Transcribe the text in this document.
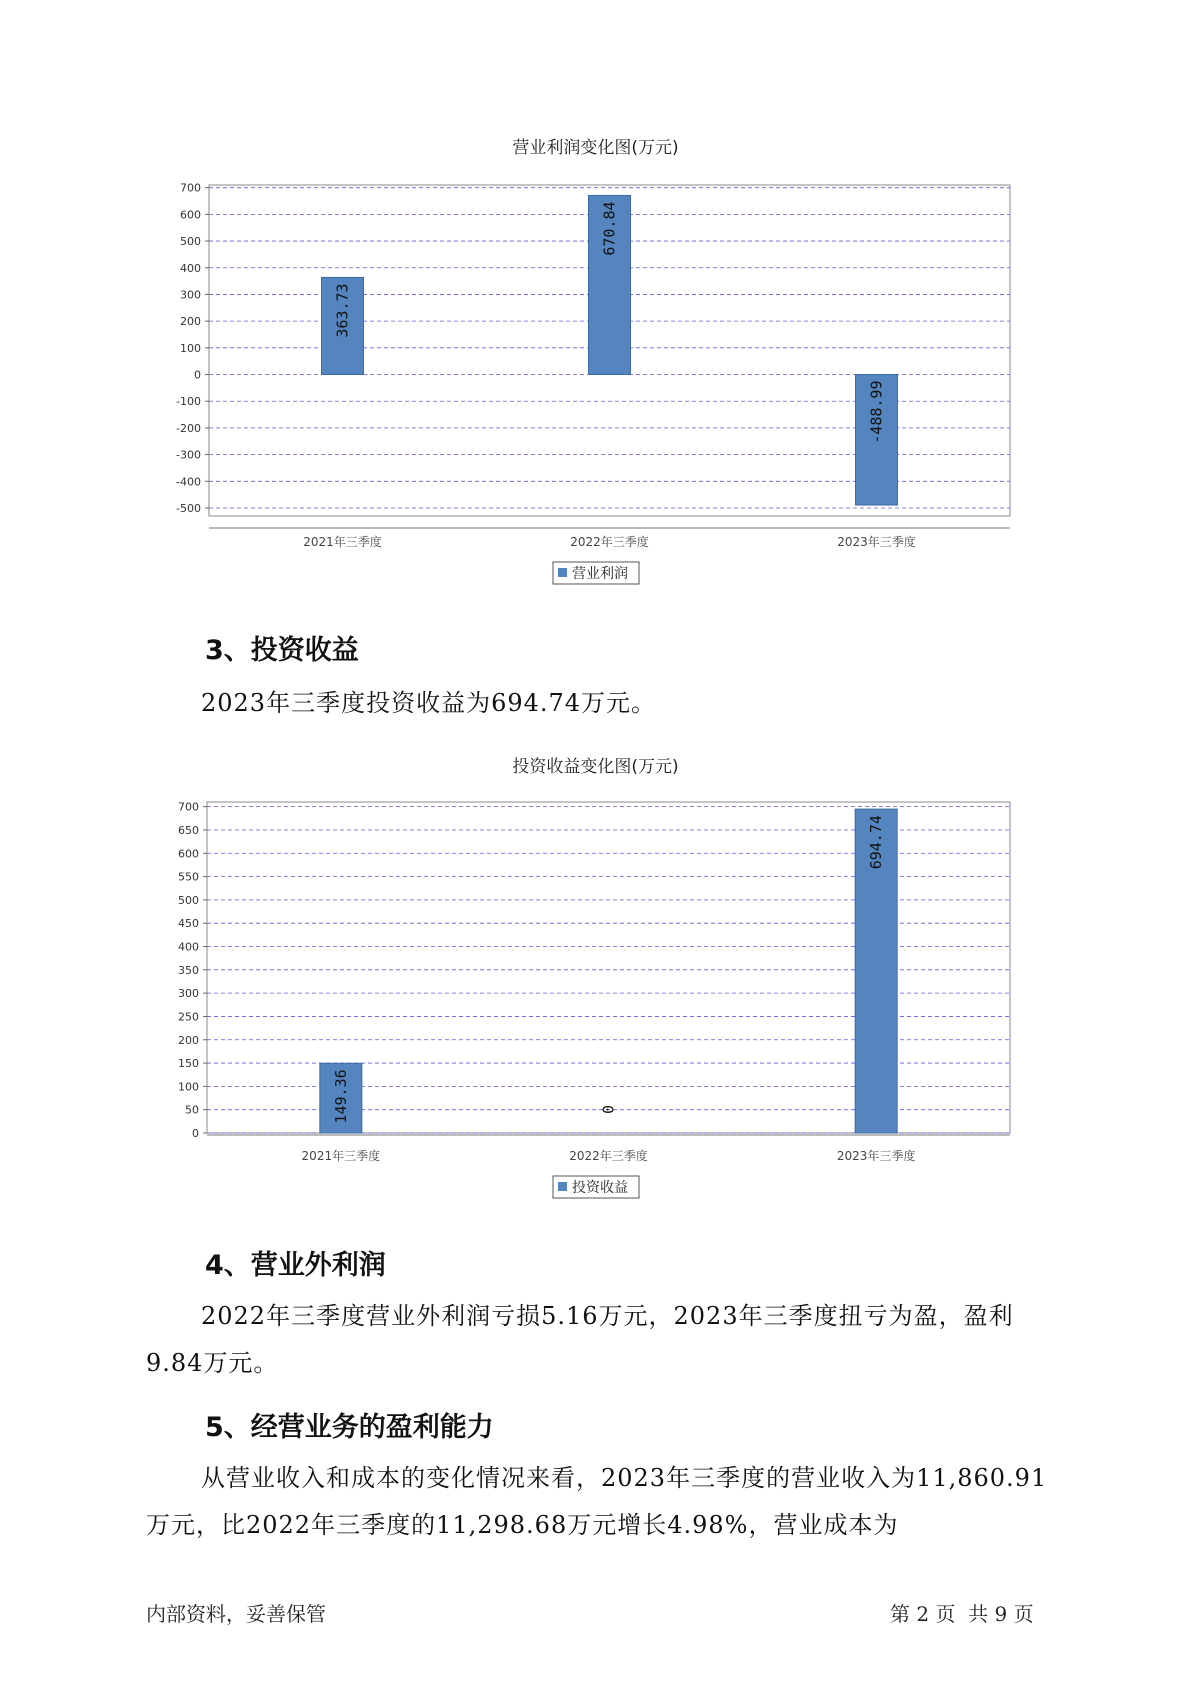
营业利润变化图(万元)
700
600
500
400
300
200
100
0
-100
-200
-300
-400
-500
363.73
2021年三季度
670.84
2022年三季度
-488.99
2023年三季度
营业利润
3、投资收益

2023年三季度投资收益为694.74万元。

投资收益变化图(万元)
700
650
600
550
500
450
400
350
300
250
200
150
100
50
0
149.36
2021年三季度
0
2022年三季度
694.74
2023年三季度
投资收益
4、营业外利润

2022年三季度营业外利润亏损5.16万元，2023年三季度扭亏为盈，盈利9.84万元。

5、经营业务的盈利能力

从营业收入和成本的变化情况来看，2023年三季度的营业收入为11,860.91万元，比2022年三季度的11,298.68万元增长4.98%，营业成本为

内部资料，妥善保管	第 2 页  共 9 页
